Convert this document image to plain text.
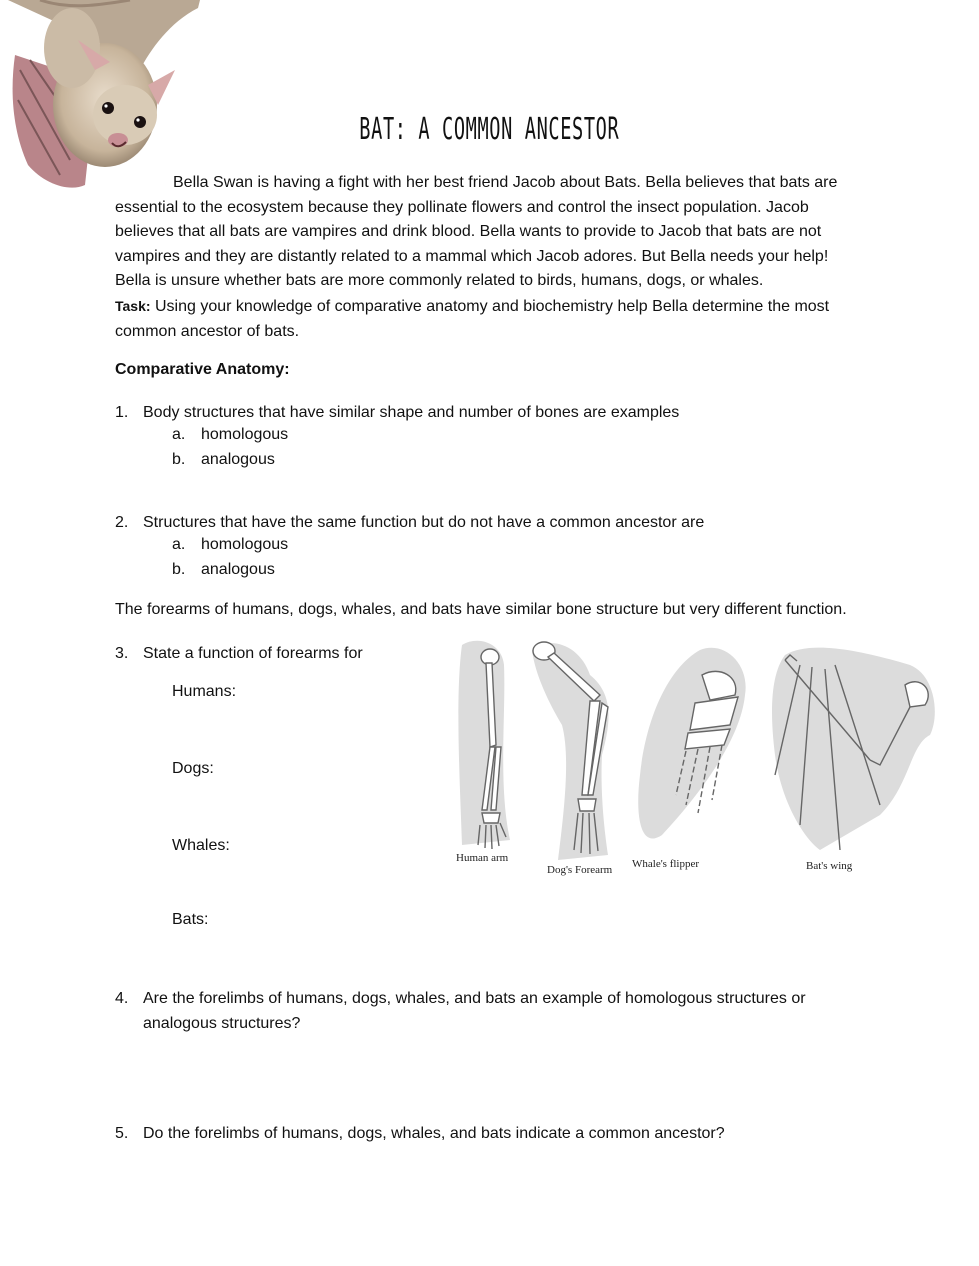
BAT: A COMMON ANCESTOR

Bella Swan is having a fight with her best friend Jacob about Bats. Bella believes that bats are essential to the ecosystem because they pollinate flowers and control the insect population. Jacob believes that all bats are vampires and drink blood. Bella wants to provide to Jacob that bats are not vampires and they are distantly related to a mammal which Jacob adores. But Bella needs your help! Bella is unsure whether bats are more commonly related to birds, humans, dogs, or whales.
Task: Using your knowledge of comparative anatomy and biochemistry help Bella determine the most common ancestor of bats.

Comparative Anatomy:

1. Body structures that have similar shape and number of bones are examples

a. homologous

b. analogous

2. Structures that have the same function but do not have a common ancestor are

a. homologous

b. analogous

The forearms of humans, dogs, whales, and bats have similar bone structure but very different function.

3. State a function of forearms for

Humans:

Dogs:

Whales:

Bats:

Human arm
Dog's Forearm Whale's flipper	Bat's wing

4. Are the forelimbs of humans, dogs, whales, and bats an example of homologous structures or analogous structures?

5. Do the forelimbs of humans, dogs, whales, and bats indicate a common ancestor?
